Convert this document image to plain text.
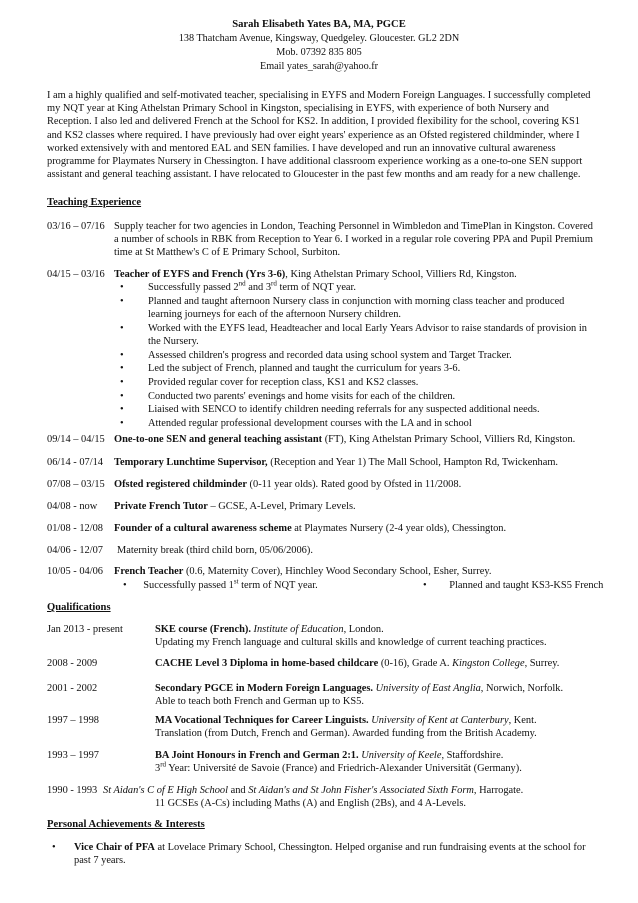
Sarah Elisabeth Yates BA, MA, PGCE
138 Thatcham Avenue, Kingsway, Quedgeley. Gloucester. GL2 2DN
Mob. 07392 835 805
Email yates_sarah@yahoo.fr
I am a highly qualified and self-motivated teacher, specialising in EYFS and Modern Foreign Languages. I successfully completed my NQT year at King Athelstan Primary School in Kingston, specialising in EYFS, with experience of both Nursery and Reception. I also led and delivered French at the School for KS2. In addition, I provided flexibility for the school, covering KS1 and KS2 classes where required. I have previously had over eight years' experience as an Ofsted registered childminder, where I worked extensively with and mentored EAL and SEN families. I have developed and run an innovative cultural awareness programme for Playmates Nursery in Chessington. I have additional classroom experience working as a one-to-one SEN support assistant and general teaching assistant. I have relocated to Gloucester in the past few months and am ready for a new challenge.
Teaching Experience
03/16 – 07/16 Supply teacher for two agencies in London, Teaching Personnel in Wimbledon and TimePlan in Kingston. Covered a number of schools in RBK from Reception to Year 6. I worked in a regular role covering PPA and Pupil Premium time at St Matthew's C of E Primary School, Surbiton.
04/15 – 03/16 Teacher of EYFS and French (Yrs 3-6), King Athelstan Primary School, Villiers Rd, Kingston.
• Successfully passed 2nd and 3rd term of NQT year.
• Planned and taught afternoon Nursery class in conjunction with morning class teacher and produced learning journeys for each of the afternoon Nursery children.
• Worked with the EYFS lead, Headteacher and local Early Years Advisor to raise standards of provision in the Nursery.
• Assessed children's progress and recorded data using school system and Target Tracker.
• Led the subject of French, planned and taught the curriculum for years 3-6.
• Provided regular cover for reception class, KS1 and KS2 classes.
• Conducted two parents' evenings and home visits for each of the children.
• Liaised with SENCO to identify children needing referrals for any suspected additional needs.
• Attended regular professional development courses with the LA and in school
09/14 – 04/15 One-to-one SEN and general teaching assistant (FT), King Athelstan Primary School, Villiers Rd, Kingston.
06/14 - 07/14 Temporary Lunchtime Supervisor, (Reception and Year 1) The Mall School, Hampton Rd, Twickenham.
07/08 – 03/15 Ofsted registered childminder (0-11 year olds). Rated good by Ofsted in 11/2008.
04/08 - now Private French Tutor – GCSE, A-Level, Primary Levels.
01/08 - 12/08 Founder of a cultural awareness scheme at Playmates Nursery (2-4 year olds), Chessington.
04/06 - 12/07 Maternity break (third child born, 05/06/2006).
10/05 - 04/06 French Teacher (0.6, Maternity Cover), Hinchley Wood Secondary School, Esher, Surrey.
• Successfully passed 1st term of NQT year.	• Planned and taught KS3-KS5 French
Qualifications
Jan 2013 - present	SKE course (French). Institute of Education, London.
Updating my French language and cultural skills and knowledge of current teaching practices.
2008 - 2009	CACHE Level 3 Diploma in home-based childcare (0-16), Grade A. Kingston College, Surrey.
2001 - 2002	Secondary PGCE in Modern Foreign Languages. University of East Anglia, Norwich, Norfolk.
Able to teach both French and German up to KS5.
1997 – 1998	MA Vocational Techniques for Career Linguists. University of Kent at Canterbury, Kent.
Translation (from Dutch, French and German). Awarded funding from the British Academy.
1993 – 1997	BA Joint Honours in French and German 2:1. University of Keele, Staffordshire.
3rd Year: Université de Savoie (France) and Friedrich-Alexander Universität (Germany).
1990 - 1993 St Aidan's C of E High School and St Aidan's and St John Fisher's Associated Sixth Form, Harrogate.
11 GCSEs (A-Cs) including Maths (A) and English (2Bs), and 4 A-Levels.
Personal Achievements & Interests
• Vice Chair of PFA at Lovelace Primary School, Chessington. Helped organise and run fundraising events at the school for past 7 years.
